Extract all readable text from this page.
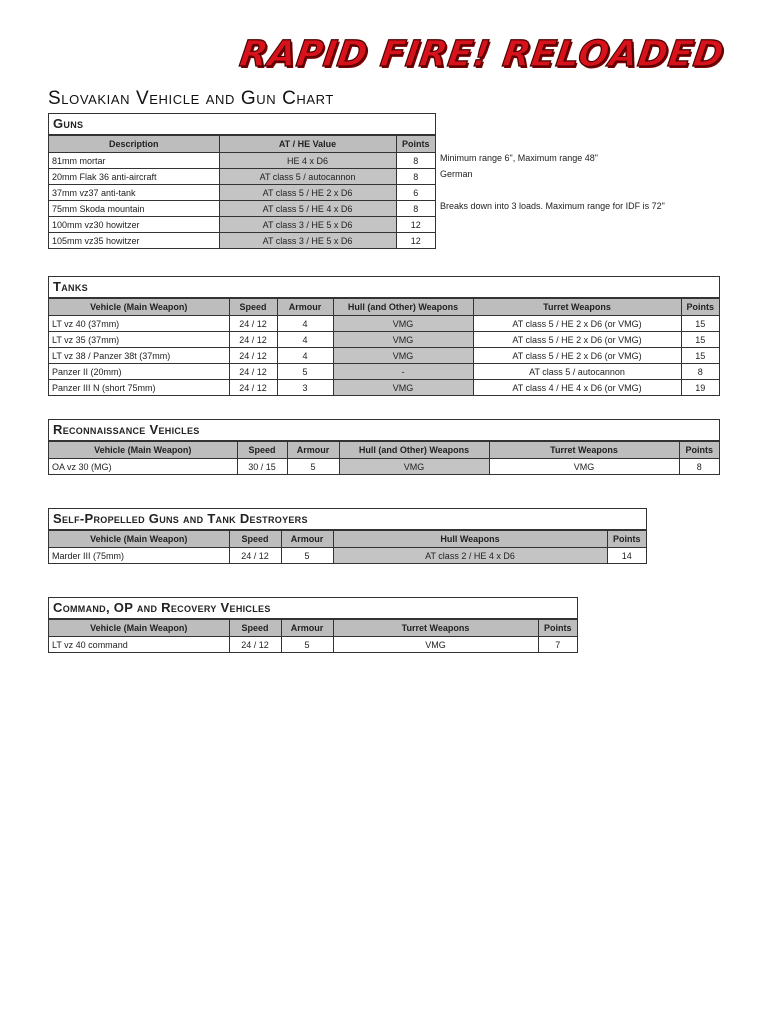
RAPID FIRE! RELOADED
Slovakian Vehicle and Gun Chart
Guns
Description	AT / HE Value	Points
81mm mortar	HE 4 x D6	8
20mm Flak 36 anti-aircraft	AT class 5 / autocannon	8
37mm vz37 anti-tank	AT class 5 / HE 2 x D6	6
75mm Skoda mountain	AT class 5 / HE 4 x D6	8
100mm vz30 howitzer	AT class 3 / HE 5 x D6	12
105mm vz35 howitzer	AT class 3 / HE 5 x D6	12
Minimum range 6", Maximum range 48"
German
Breaks down into 3 loads. Maximum range for IDF is 72"
Tanks
Vehicle (Main Weapon)	Speed	Armour	Hull (and Other) Weapons	Turret Weapons	Points
LT vz 40 (37mm)	24 / 12	4	VMG	AT class 5 / HE 2 x D6 (or VMG)	15
LT vz 35 (37mm)	24 / 12	4	VMG	AT class 5 / HE 2 x D6 (or VMG)	15
LT vz 38 / Panzer 38t (37mm)	24 / 12	4	VMG	AT class 5 / HE 2 x D6 (or VMG)	15
Panzer II (20mm)	24 / 12	5	-	AT class 5 / autocannon	8
Panzer III N (short 75mm)	24 / 12	3	VMG	AT class 4 / HE 4 x D6 (or VMG)	19
Reconnaissance Vehicles
Vehicle (Main Weapon)	Speed	Armour	Hull (and Other) Weapons	Turret Weapons	Points
OA vz 30 (MG)	30 / 15	5	VMG	VMG	8
Self-Propelled Guns and Tank Destroyers
Vehicle (Main Weapon)	Speed	Armour	Hull Weapons	Points
Marder III (75mm)	24 / 12	5	AT class 2 / HE 4 x D6	14
Command, OP and Recovery Vehicles
Vehicle (Main Weapon)	Speed	Armour	Turret Weapons	Points
LT vz 40 command	24 / 12	5	VMG	7
